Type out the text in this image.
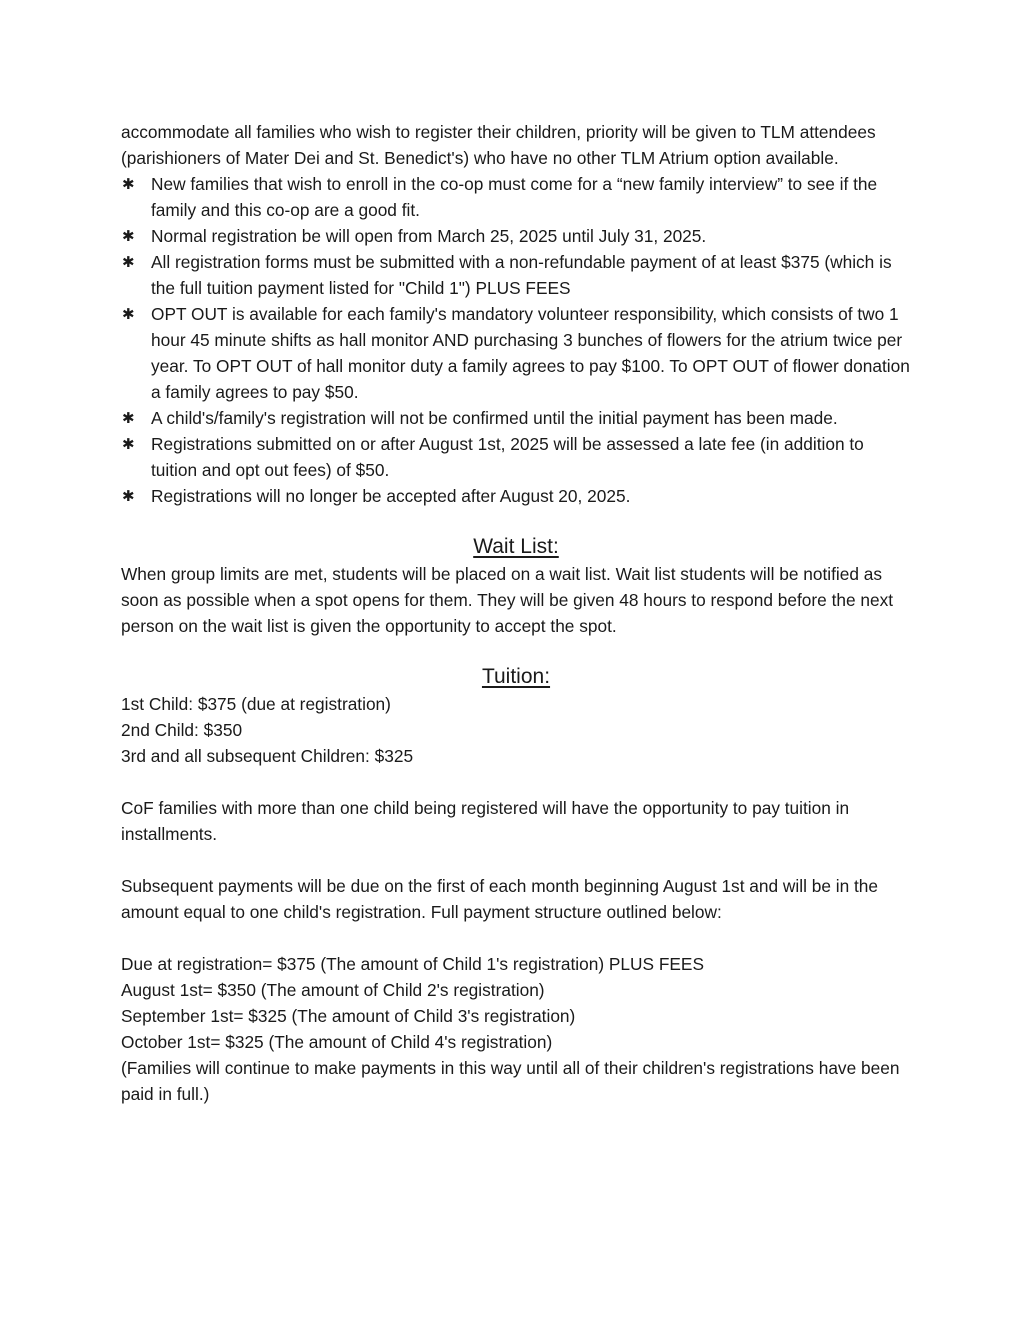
accommodate all families who wish to register their children, priority will be given to TLM attendees (parishioners of Mater Dei and St. Benedict's) who have no other TLM Atrium option available.

✱ New families that wish to enroll in the co-op must come for a “new family interview” to see if the family and this co-op are a good fit.
✱ Normal registration be will open from March 25, 2025 until July 31, 2025.
✱ All registration forms must be submitted with a non-refundable payment of at least $375 (which is the full tuition payment listed for "Child 1") PLUS FEES
✱ OPT OUT is available for each family's mandatory volunteer responsibility, which consists of two 1 hour 45 minute shifts as hall monitor AND purchasing 3 bunches of flowers for the atrium twice per year. To OPT OUT of hall monitor duty a family agrees to pay $100. To OPT OUT of flower donation a family agrees to pay $50.
✱ A child's/family's registration will not be confirmed until the initial payment has been made.
✱ Registrations submitted on or after August 1st, 2025 will be assessed a late fee (in addition to tuition and opt out fees) of $50.
✱ Registrations will no longer be accepted after August 20, 2025.
Wait List:

When group limits are met, students will be placed on a wait list. Wait list students will be notified as soon as possible when a spot opens for them. They will be given 48 hours to respond before the next person on the wait list is given the opportunity to accept the spot.

Tuition:

1st Child: $375 (due at registration)

2nd Child: $350

3rd and all subsequent Children: $325

CoF families with more than one child being registered will have the opportunity to pay tuition in installments.

Subsequent payments will be due on the first of each month beginning August 1st and will be in the amount equal to one child's registration. Full payment structure outlined below:

Due at registration= $375 (The amount of Child 1's registration) PLUS FEES

August 1st= $350 (The amount of Child 2's registration)

September 1st= $325 (The amount of Child 3's registration)

October 1st= $325 (The amount of Child 4's registration)

(Families will continue to make payments in this way until all of their children's registrations have been paid in full.)
